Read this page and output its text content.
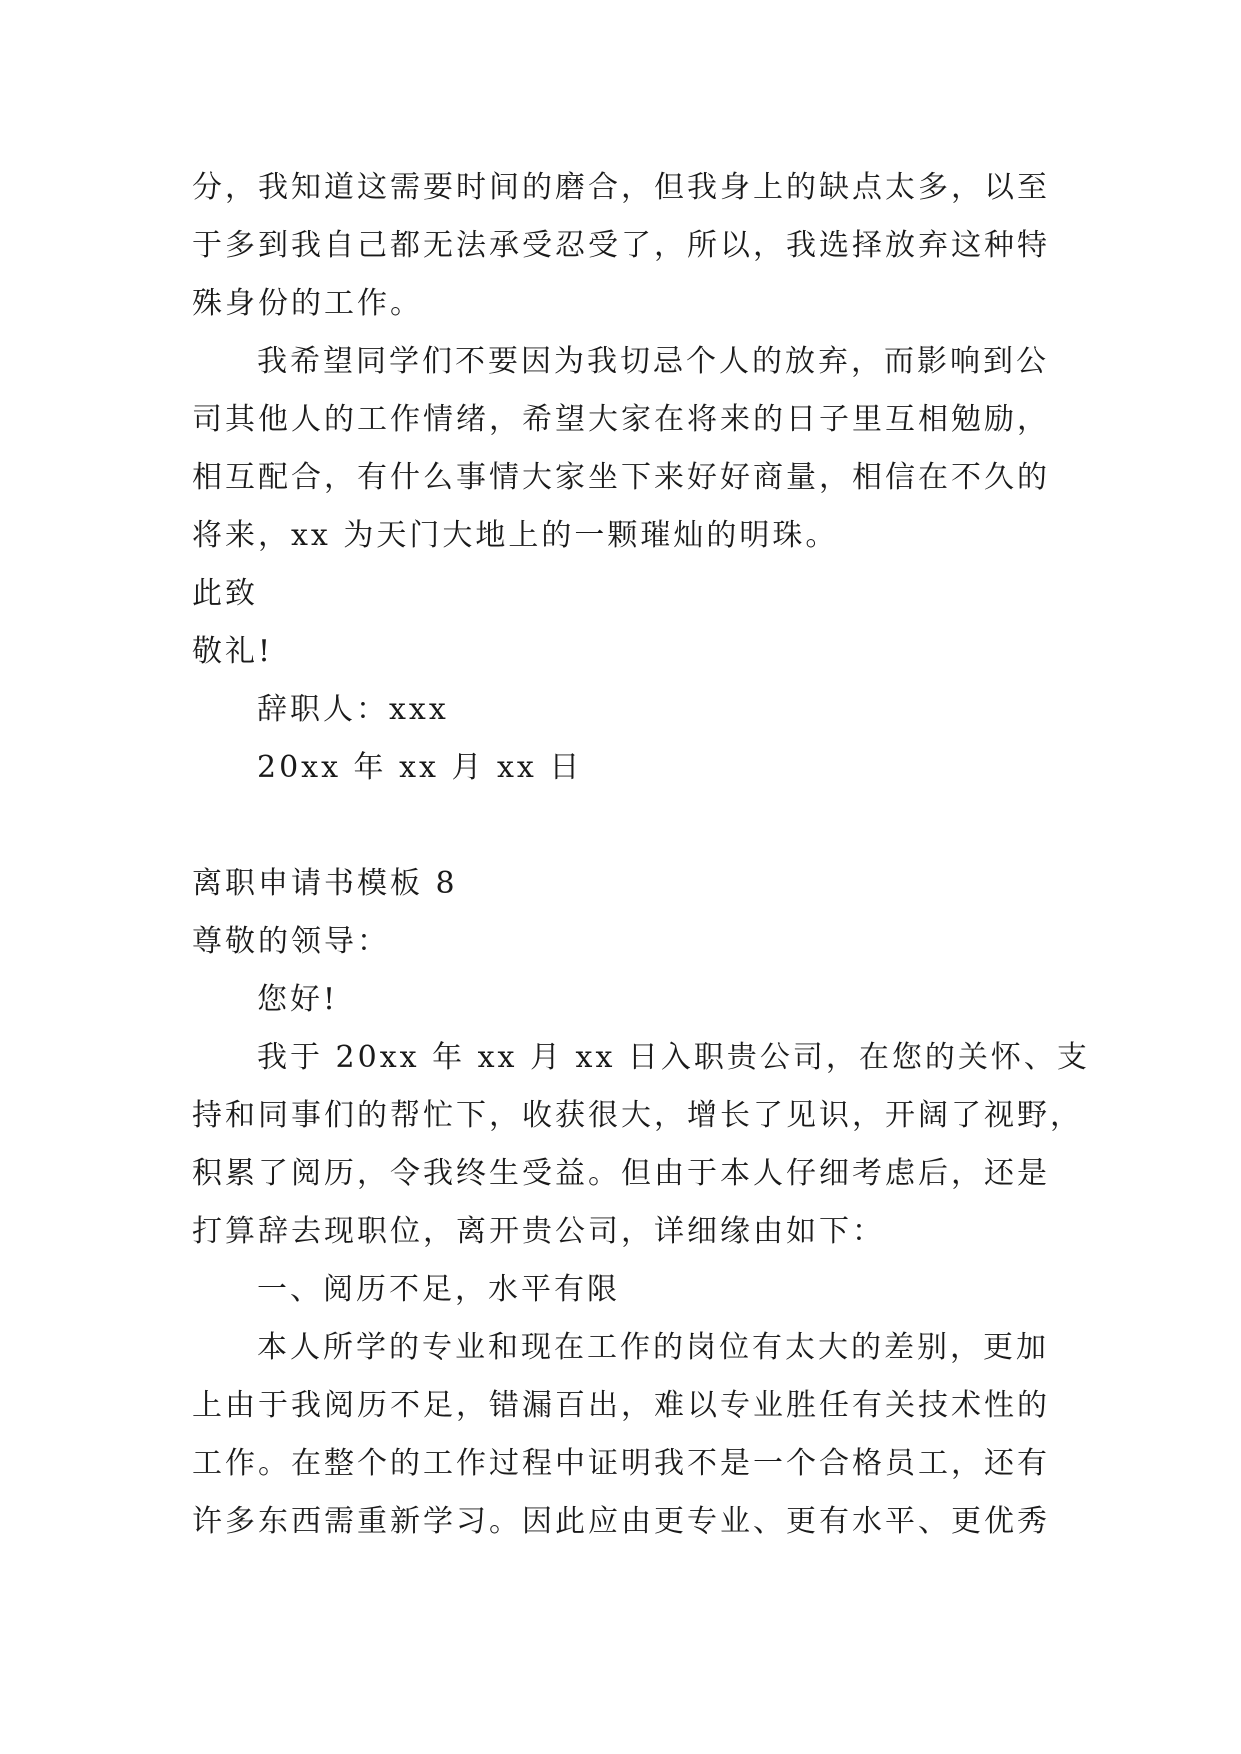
分，我知道这需要时间的磨合，但我身上的缺点太多，以至
于多到我自己都无法承受忍受了，所以，我选择放弃这种特
殊身份的工作。
我希望同学们不要因为我切忌个人的放弃，而影响到公
司其他人的工作情绪，希望大家在将来的日子里互相勉励，
相互配合，有什么事情大家坐下来好好商量，相信在不久的
将来，xx 为天门大地上的一颗璀灿的明珠。
此致
敬礼!
辞职人：xxx
20xx 年 xx 月 xx 日
离职申请书模板 8
尊敬的领导：
您好!
我于 20xx 年 xx 月 xx 日入职贵公司，在您的关怀、支
持和同事们的帮忙下，收获很大，增长了见识，开阔了视野，
积累了阅历，令我终生受益。但由于本人仔细考虑后，还是
打算辞去现职位，离开贵公司，详细缘由如下：
一、阅历不足，水平有限
本人所学的专业和现在工作的岗位有太大的差别，更加
上由于我阅历不足，错漏百出，难以专业胜任有关技术性的
工作。在整个的工作过程中证明我不是一个合格员工，还有
许多东西需重新学习。因此应由更专业、更有水平、更优秀
